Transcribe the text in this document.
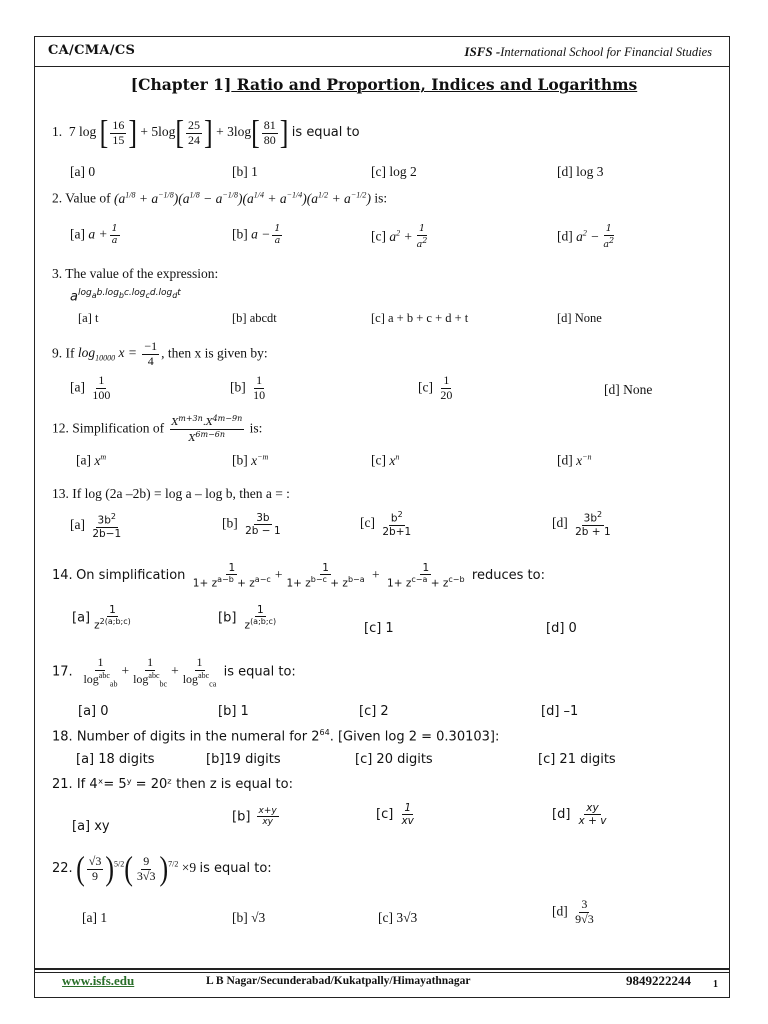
CA/CMA/CS	ISFS -International School for Financial Studies
[Chapter 1] Ratio and Proportion, Indices and Logarithms
1.  7 log [ $\frac{16}{15}$ ] + $5\log[ \frac{25}{24}$ ] + $3\log[ \frac{81}{80}$ ] is equal to
[a] 0	[b] 1	[c] log 2	[d] log 3
2. Value of $(a^{1/8} + a^{-1/8})(a^{1/8} - a^{-1/8})(a^{1/4} + a^{-1/4})(a^{1/2} + a^{-1/2})$ is:
[a] $a + \frac{1}{a}$	[b] $a - \frac{1}{a}$	[c] $a^2 + \frac{1}{a^2}$	[d] $a^2 - \frac{1}{a^2}$
3. The value of the expression:
$a^{log_ab.log_bc.log_cd.log_dt}$
[a] t	[b] abcdt	[c] a + b + c + d + t	[d] None
9. If $\log_{10000} x = \frac{-1}{4}$ , then x is given by:
$[a] \frac{1}{100}$	$[b] \frac{1}{10}$	$[c] \frac{1}{20}$	[d] None
12. Simplification of $\frac{X^{m+3n}.X^{4m-9n}}{X^{6m-6n}}$ is:
[a] $x^m$	[b] $x^{-m}$	[c] $x^n$	[d] $x^{-n}$
13. If log (2a –2b) = log a – log b, then a = :
$[a] \frac{3b^2}{2b-1}$	$[b] \frac{3b}{2b - 1}$	$[c] \frac{b^2}{2b+1}$	$[d] \frac{3b^2}{2b + 1}$
14. On simplification $\frac{1}{1+ z^{a-b} + z^{a-c}} + \frac{1}{1+ z^{b-c} + z^{b-a}} + \frac{1}{1+ z^{c-a} + z^{c-b}}$ reduces to:
$[a] \frac{1}{z^{2(a;b;c)}}$	$[b] \frac{1}{z^{(a;b;c)}}$	[c] 1	[d] 0
17.
1
$\log^{abc}_{ab}$
+
1
$\log^{abc}_{bc}$
+
1
$\log^{abc}_{ca}$
is equal to:
[a] 0	[b] 1	[c] 2	[d] –1
18. Number of digits in the numeral for $2^{64}$. [Given log 2 = 0.30103]:
[a] 18 digits	[b]19 digits	[c] 20 digits	[c] 21 digits
21. If 4ˣ= 5ʸ = 20ᶻ then z is equal to:
[a] xy
$[b] \frac{x+y}{xy}$	$[c] \frac{1}{xv}$	$[d] \frac{xy}{x + v}$
22. ( $\frac{√3}{9} )^{5/2}( \frac{9}{3√3} )^{7/2} \times 9$ is equal to:
[a] 1	[b] √3	[c] 3√3	$[d] \frac{3}{9√3}$
www.isfs.edu	L B Nagar/Secunderabad/Kukatpally/Himayathnagar	9849222244 1
